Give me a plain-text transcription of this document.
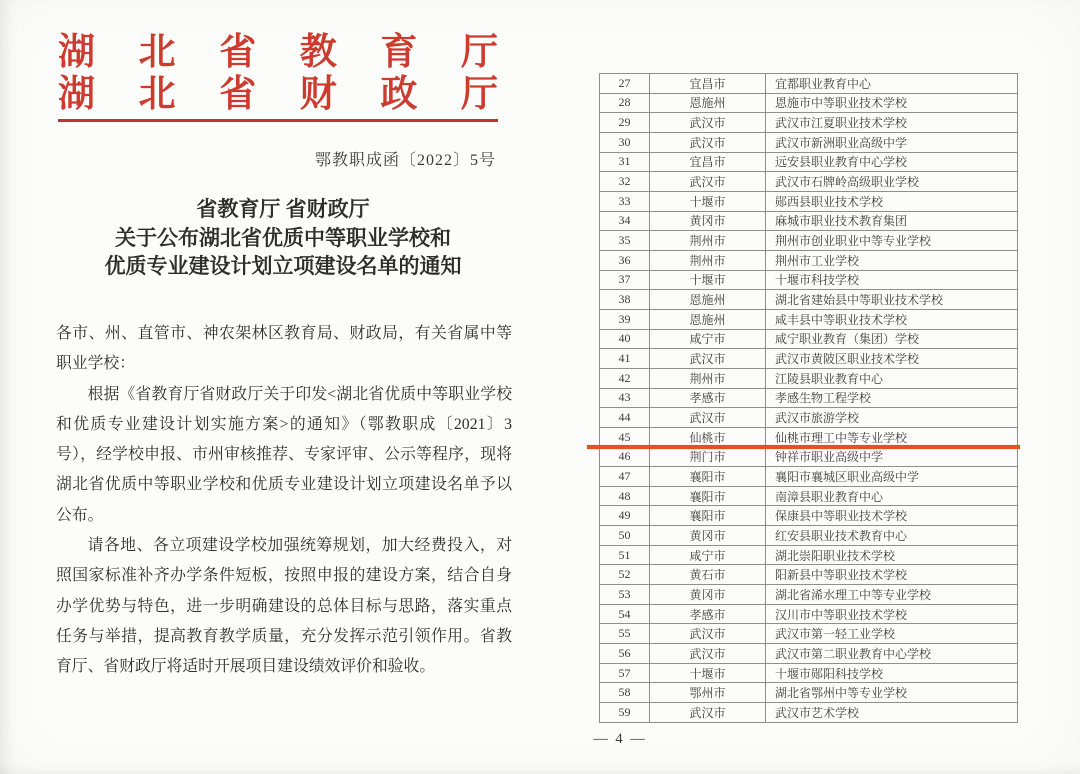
湖北省教育厅
湖北省财政厅
鄂教职成函〔2022〕5号
省教育厅 省财政厅
关于公布湖北省优质中等职业学校和
优质专业建设计划立项建设名单的通知

各市、州、直管市、神农架林区教育局、财政局，有关省属中等职业学校：

根据《省教育厅省财政厅关于印发<湖北省优质中等职业学校和优质专业建设计划实施方案>的通知》（鄂教职成〔2021〕3号），经学校申报、市州审核推荐、专家评审、公示等程序，现将湖北省优质中等职业学校和优质专业建设计划立项建设名单予以公布。

请各地、各立项建设学校加强统筹规划，加大经费投入，对照国家标准补齐办学条件短板，按照申报的建设方案，结合自身办学优势与特色，进一步明确建设的总体目标与思路，落实重点任务与举措，提高教育教学质量，充分发挥示范引领作用。省教育厅、省财政厅将适时开展项目建设绩效评价和验收。

27	宜昌市	宜都职业教育中心
28	恩施州	恩施市中等职业技术学校
29	武汉市	武汉市江夏职业技术学校
30	武汉市	武汉市新洲职业高级中学
31	宜昌市	远安县职业教育中心学校
32	武汉市	武汉市石牌岭高级职业学校
33	十堰市	郧西县职业技术学校
34	黄冈市	麻城市职业技术教育集团
35	荆州市	荆州市创业职业中等专业学校
36	荆州市	荆州市工业学校
37	十堰市	十堰市科技学校
38	恩施州	湖北省建始县中等职业技术学校
39	恩施州	咸丰县中等职业技术学校
40	咸宁市	咸宁职业教育（集团）学校
41	武汉市	武汉市黄陂区职业技术学校
42	荆州市	江陵县职业教育中心
43	孝感市	孝感生物工程学校
44	武汉市	武汉市旅游学校
45	仙桃市	仙桃市理工中等专业学校
46	荆门市	钟祥市职业高级中学
47	襄阳市	襄阳市襄城区职业高级中学
48	襄阳市	南漳县职业教育中心
49	襄阳市	保康县中等职业技术学校
50	黄冈市	红安县职业技术教育中心
51	咸宁市	湖北崇阳职业技术学校
52	黄石市	阳新县中等职业技术学校
53	黄冈市	湖北省浠水理工中等专业学校
54	孝感市	汉川市中等职业技术学校
55	武汉市	武汉市第一轻工业学校
56	武汉市	武汉市第二职业教育中心学校
57	十堰市	十堰市郧阳科技学校
58	鄂州市	湖北省鄂州中等专业学校
59	武汉市	武汉市艺术学校
— 4 —
